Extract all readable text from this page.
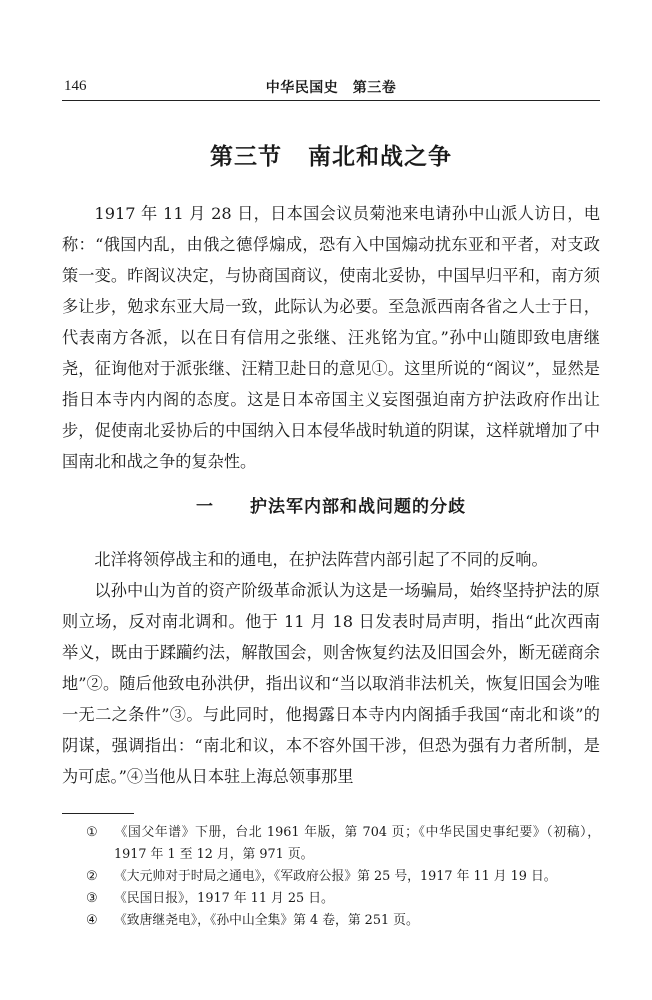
146	中华民国史　第三卷
第三节 南北和战之争

1917 年 11 月 28 日，日本国会议员菊池来电请孙中山派人访日，电称：“俄国内乱，由俄之德俘煽成，恐有入中国煽动扰东亚和平者，对支政策一变。昨阁议决定，与协商国商议，使南北妥协，中国早归平和，南方须多让步，勉求东亚大局一致，此际认为必要。至急派西南各省之人士于日，代表南方各派，以在日有信用之张继、汪兆铭为宜。”孙中山随即致电唐继尧，征询他对于派张继、汪精卫赴日的意见①。这里所说的“阁议”，显然是指日本寺内内阁的态度。这是日本帝国主义妄图强迫南方护法政府作出让步，促使南北妥协后的中国纳入日本侵华战时轨道的阴谋，这样就增加了中国南北和战之争的复杂性。

一 护法军内部和战问题的分歧

北洋将领停战主和的通电，在护法阵营内部引起了不同的反响。

以孙中山为首的资产阶级革命派认为这是一场骗局，始终坚持护法的原则立场，反对南北调和。他于 11 月 18 日发表时局声明，指出“此次西南举义，既由于蹂躏约法，解散国会，则舍恢复约法及旧国会外，断无磋商余地”②。随后他致电孙洪伊，指出议和“当以取消非法机关，恢复旧国会为唯一无二之条件”③。与此同时，他揭露日本寺内内阁插手我国“南北和谈”的阴谋，强调指出：“南北和议，本不容外国干涉，但恐为强有力者所制，是为可虑。”④当他从日本驻上海总领事那里

① 《国父年谱》下册，台北 1961 年版，第 704 页；《中华民国史事纪要》（初稿），1917 年 1 至 12 月，第 971 页。

② 《大元帅对于时局之通电》，《军政府公报》第 25 号，1917 年 11 月 19 日。

③ 《民国日报》，1917 年 11 月 25 日。

④ 《致唐继尧电》，《孙中山全集》第 4 卷，第 251 页。
